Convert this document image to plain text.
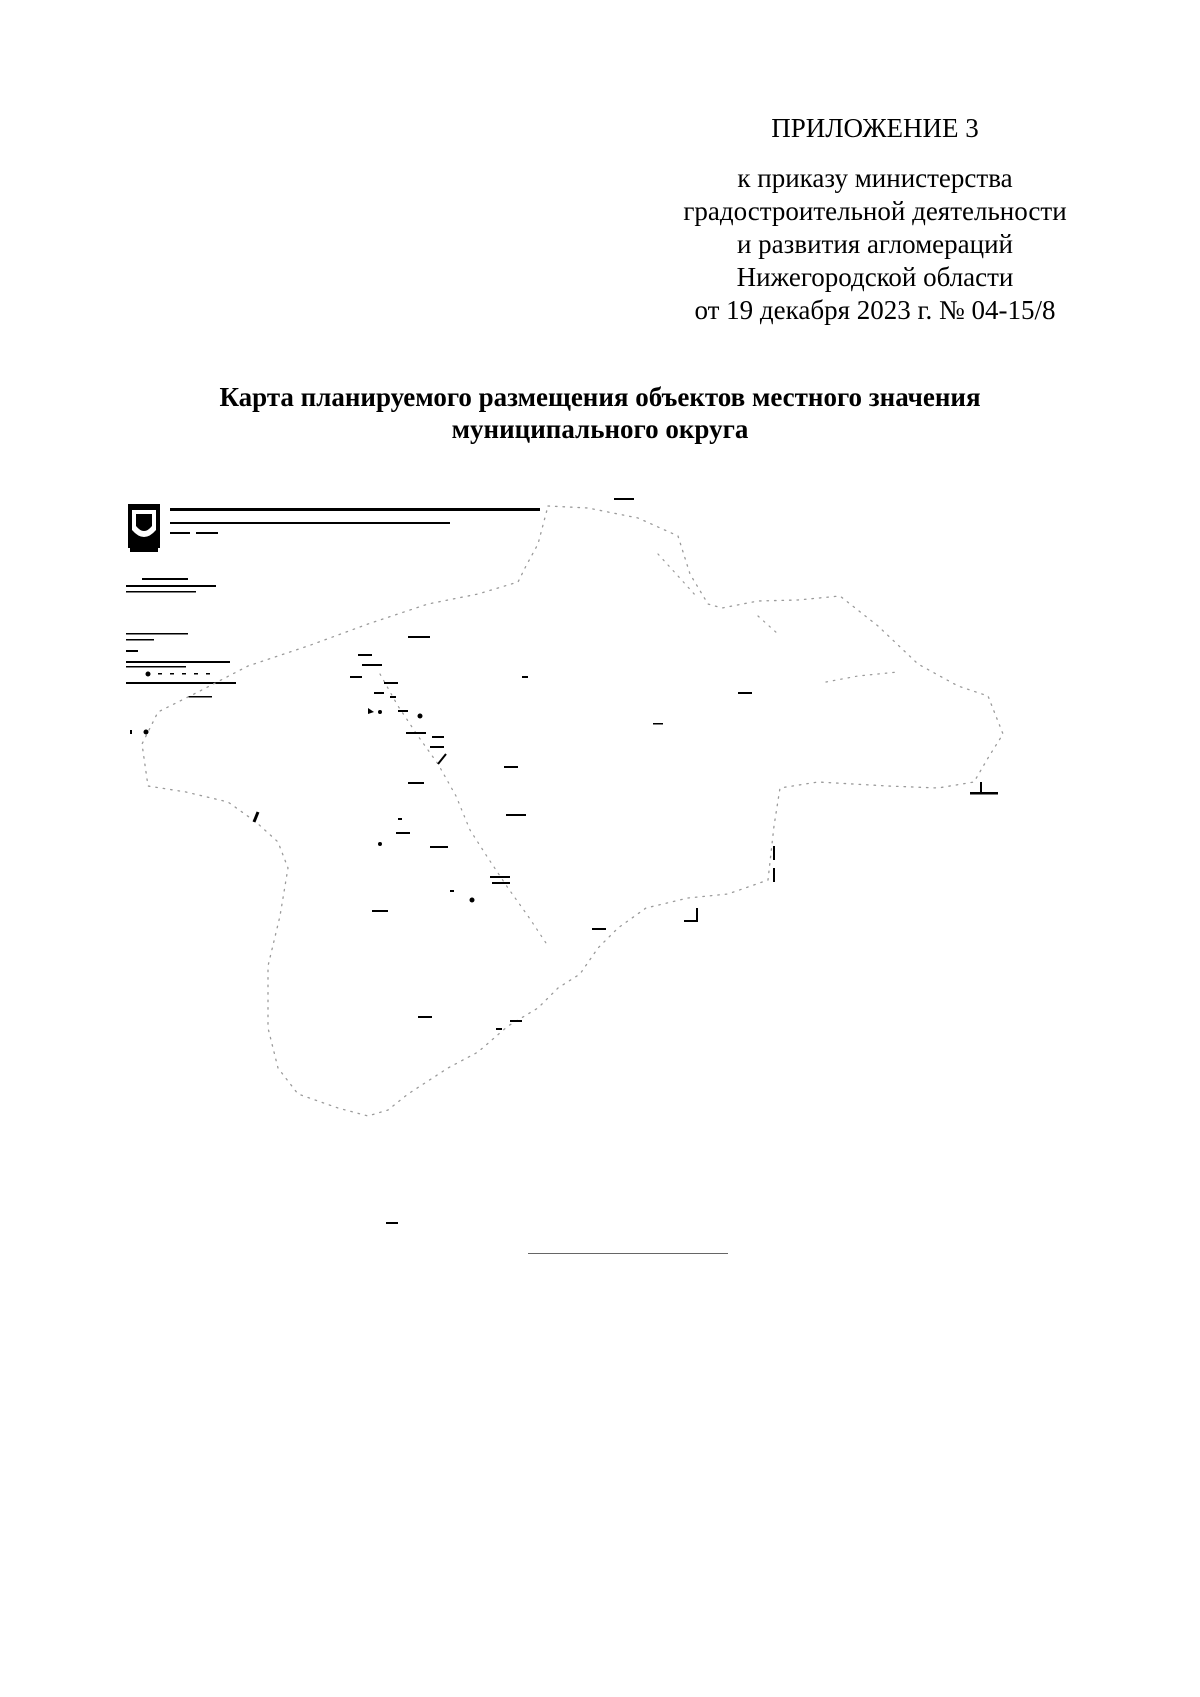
ПРИЛОЖЕНИЕ 3
к приказу министерства
градостроительной деятельности
и развития агломераций
Нижегородской области
от 19 декабря 2023 г. № 04-15/8
Карта планируемого размещения объектов местного значения
муниципального округа
